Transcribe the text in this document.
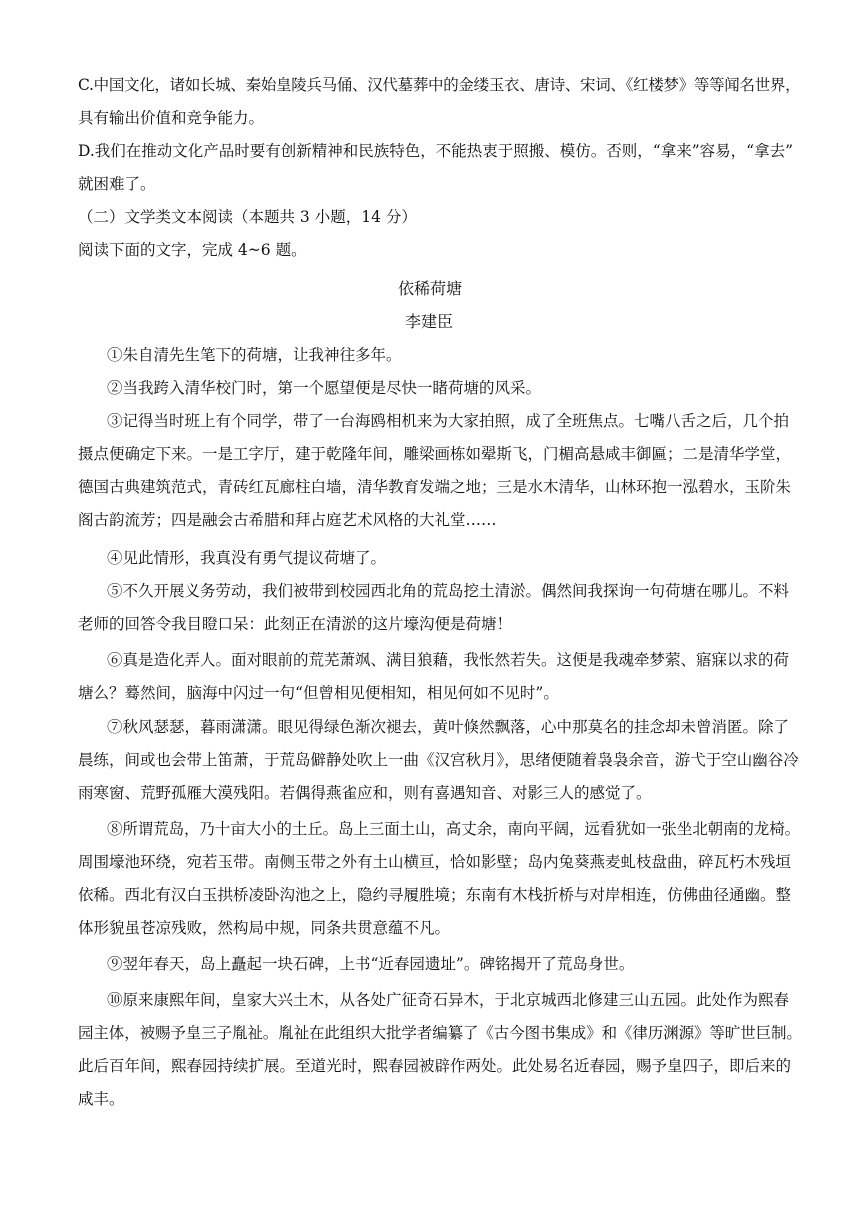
C.中国文化，诸如长城、秦始皇陵兵马俑、汉代墓葬中的金缕玉衣、唐诗、宋词、《红楼梦》等等闻名世界，
具有输出价值和竞争能力。
D.我们在推动文化产品时要有创新精神和民族特色，不能热衷于照搬、模仿。否则，“拿来”容易，“拿去”
就困难了。
（二）文学类文本阅读（本题共 3 小题，14 分）
阅读下面的文字，完成 4~6 题。
依稀荷塘
李建臣
①朱自清先生笔下的荷塘，让我神往多年。
②当我跨入清华校门时，第一个愿望便是尽快一睹荷塘的风采。
③记得当时班上有个同学，带了一台海鸥相机来为大家拍照，成了全班焦点。七嘴八舌之后，几个拍
摄点便确定下来。一是工字厅，建于乾隆年间，雕梁画栋如翚斯飞，门楣高悬咸丰御匾；二是清华学堂，
德国古典建筑范式，青砖红瓦廊柱白墙，清华教育发端之地；三是水木清华，山林环抱一泓碧水，玉阶朱
阁古韵流芳；四是融会古希腊和拜占庭艺术风格的大礼堂……
④见此情形，我真没有勇气提议荷塘了。
⑤不久开展义务劳动，我们被带到校园西北角的荒岛挖土清淤。偶然间我探询一句荷塘在哪儿。不料
老师的回答令我目瞪口呆：此刻正在清淤的这片壕沟便是荷塘！
⑥真是造化弄人。面对眼前的荒芜萧飒、满目狼藉，我怅然若失。这便是我魂牵梦萦、寤寐以求的荷
塘么？蓦然间，脑海中闪过一句“但曾相见便相知，相见何如不见时”。
⑦秋风瑟瑟，暮雨潇潇。眼见得绿色渐次褪去，黄叶倏然飘落，心中那莫名的挂念却未曾消匿。除了
晨练，间或也会带上笛萧，于荒岛僻静处吹上一曲《汉宫秋月》，思绪便随着袅袅余音，游弋于空山幽谷冷
雨寒窗、荒野孤雁大漠残阳。若偶得燕雀应和，则有喜遇知音、对影三人的感觉了。
⑧所谓荒岛，乃十亩大小的土丘。岛上三面土山，高丈余，南向平阔，远看犹如一张坐北朝南的龙椅。
周围壕池环绕，宛若玉带。南侧玉带之外有土山横亘，恰如影壁；岛内兔葵燕麦虬枝盘曲，碎瓦朽木残垣
依稀。西北有汉白玉拱桥凌卧沟池之上，隐约寻履胜境；东南有木栈折桥与对岸相连，仿佛曲径通幽。整
体形貌虽苍凉残败，然构局中规，同条共贯意蕴不凡。
⑨翌年春天，岛上矗起一块石碑，上书“近春园遗址”。碑铭揭开了荒岛身世。
⑩原来康熙年间，皇家大兴土木，从各处广征奇石异木，于北京城西北修建三山五园。此处作为熙春
园主体，被赐予皇三子胤祉。胤祉在此组织大批学者编纂了《古今图书集成》和《律历渊源》等旷世巨制。
此后百年间，熙春园持续扩展。至道光时，熙春园被辟作两处。此处易名近春园，赐予皇四子，即后来的
咸丰。
